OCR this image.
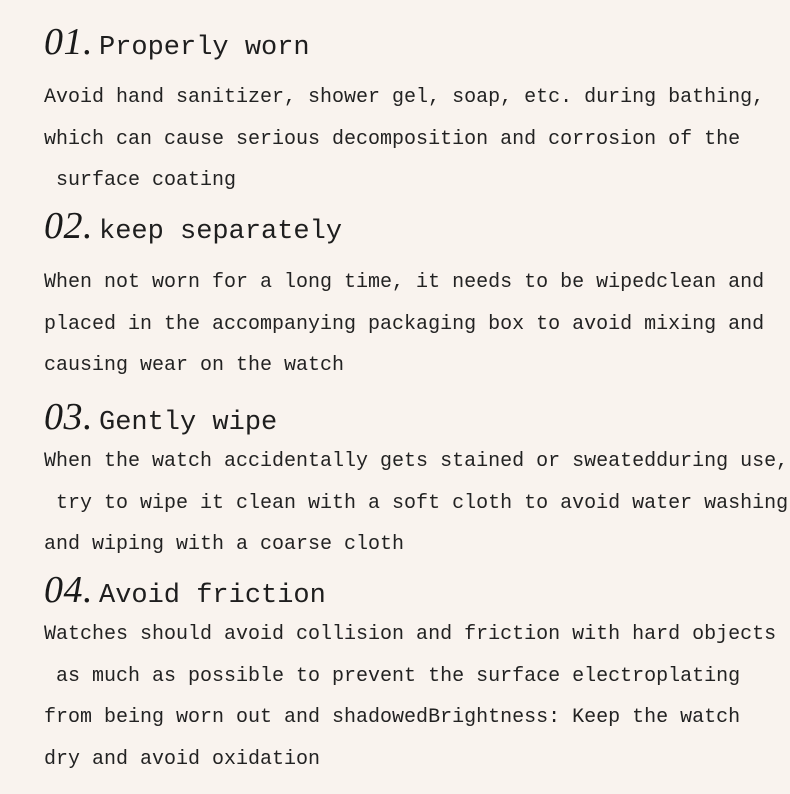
01. Properly worn
Avoid hand sanitizer, shower gel, soap, etc. during bathing,
which can cause serious decomposition and corrosion of the
surface coating
02. keep separately
When not worn for a long time, it needs to be wipedclean and
placed in the accompanying packaging box to avoid mixing and
causing wear on the watch
03. Gently wipe
When the watch accidentally gets stained or sweatedduring use,
try to wipe it clean with a soft cloth to avoid water washing
and wiping with a coarse cloth
04. Avoid friction
Watches should avoid collision and friction with hard objects
as much as possible to prevent the surface electroplating
from being worn out and shadowedBrightness: Keep the watch
dry and avoid oxidation
